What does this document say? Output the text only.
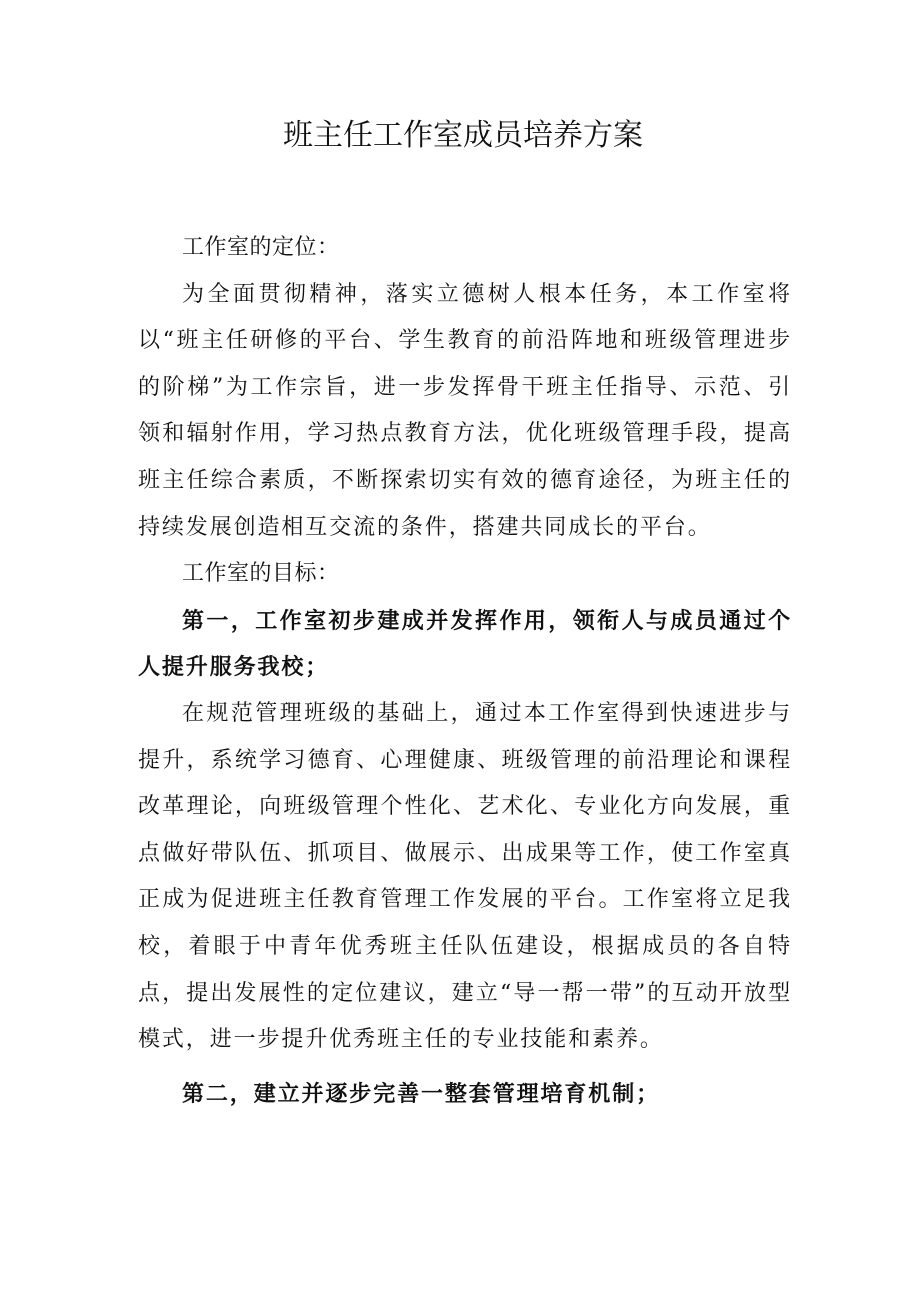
班主任工作室成员培养方案

工作室的定位：

为全面贯彻精神，落实立德树人根本任务，本工作室将以“班主任研修的平台、学生教育的前沿阵地和班级管理进步的阶梯”为工作宗旨，进一步发挥骨干班主任指导、示范、引领和辐射作用，学习热点教育方法，优化班级管理手段，提高班主任综合素质，不断探索切实有效的德育途径，为班主任的持续发展创造相互交流的条件，搭建共同成长的平台。

工作室的目标：

第一，工作室初步建成并发挥作用，领衔人与成员通过个人提升服务我校；

在规范管理班级的基础上，通过本工作室得到快速进步与提升，系统学习德育、心理健康、班级管理的前沿理论和课程改革理论，向班级管理个性化、艺术化、专业化方向发展，重点做好带队伍、抓项目、做展示、出成果等工作，使工作室真正成为促进班主任教育管理工作发展的平台。工作室将立足我校，着眼于中青年优秀班主任队伍建设，根据成员的各自特点，提出发展性的定位建议，建立“导一帮一带”的互动开放型模式，进一步提升优秀班主任的专业技能和素养。

第二，建立并逐步完善一整套管理培育机制；
